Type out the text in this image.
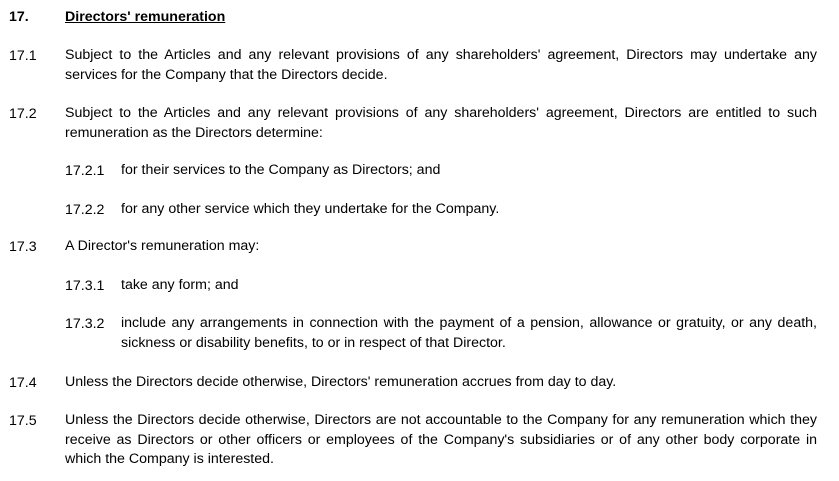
17.	Directors' remuneration
17.1 Subject to the Articles and any relevant provisions of any shareholders' agreement, Directors may undertake any services for the Company that the Directors decide.
17.2 Subject to the Articles and any relevant provisions of any shareholders' agreement, Directors are entitled to such remuneration as the Directors determine:
17.2.1 for their services to the Company as Directors; and
17.2.2 for any other service which they undertake for the Company.
17.3 A Director's remuneration may:
17.3.1 take any form; and
17.3.2 include any arrangements in connection with the payment of a pension, allowance or gratuity, or any death, sickness or disability benefits, to or in respect of that Director.
17.4 Unless the Directors decide otherwise, Directors' remuneration accrues from day to day.
17.5 Unless the Directors decide otherwise, Directors are not accountable to the Company for any remuneration which they receive as Directors or other officers or employees of the Company's subsidiaries or of any other body corporate in which the Company is interested.
